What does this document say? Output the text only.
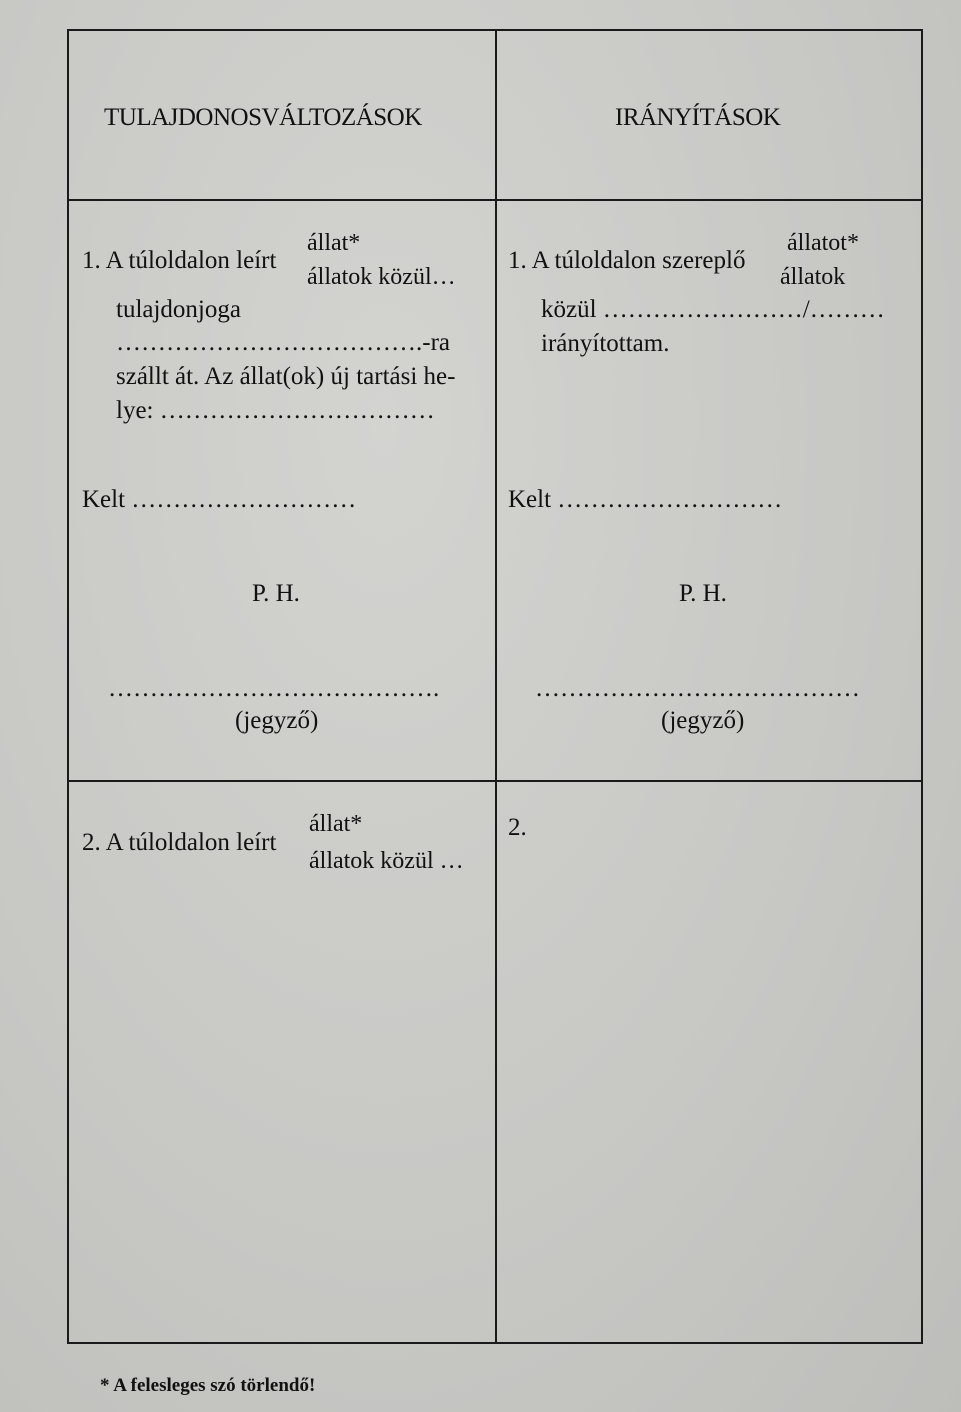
TULAJDONOSVÁLTOZÁSOK	IRÁNYÍTÁSOK
1. A túloldalon leírt
állat*
állatok közül…
tulajdonjoga
……………………………….-ra
szállt át. Az állat(ok) új tartási he-
lye: ……………………………
Kelt ………………………
P. H.
………………………………….
(jegyző)
1. A túloldalon szereplő
állatot*
állatok
közül ……………………/………
irányítottam.
Kelt ………………………
P. H.
…………………………………
(jegyző)
2. A túloldalon leírt
állat*
állatok közül …
2.
* A felesleges szó törlendő!
